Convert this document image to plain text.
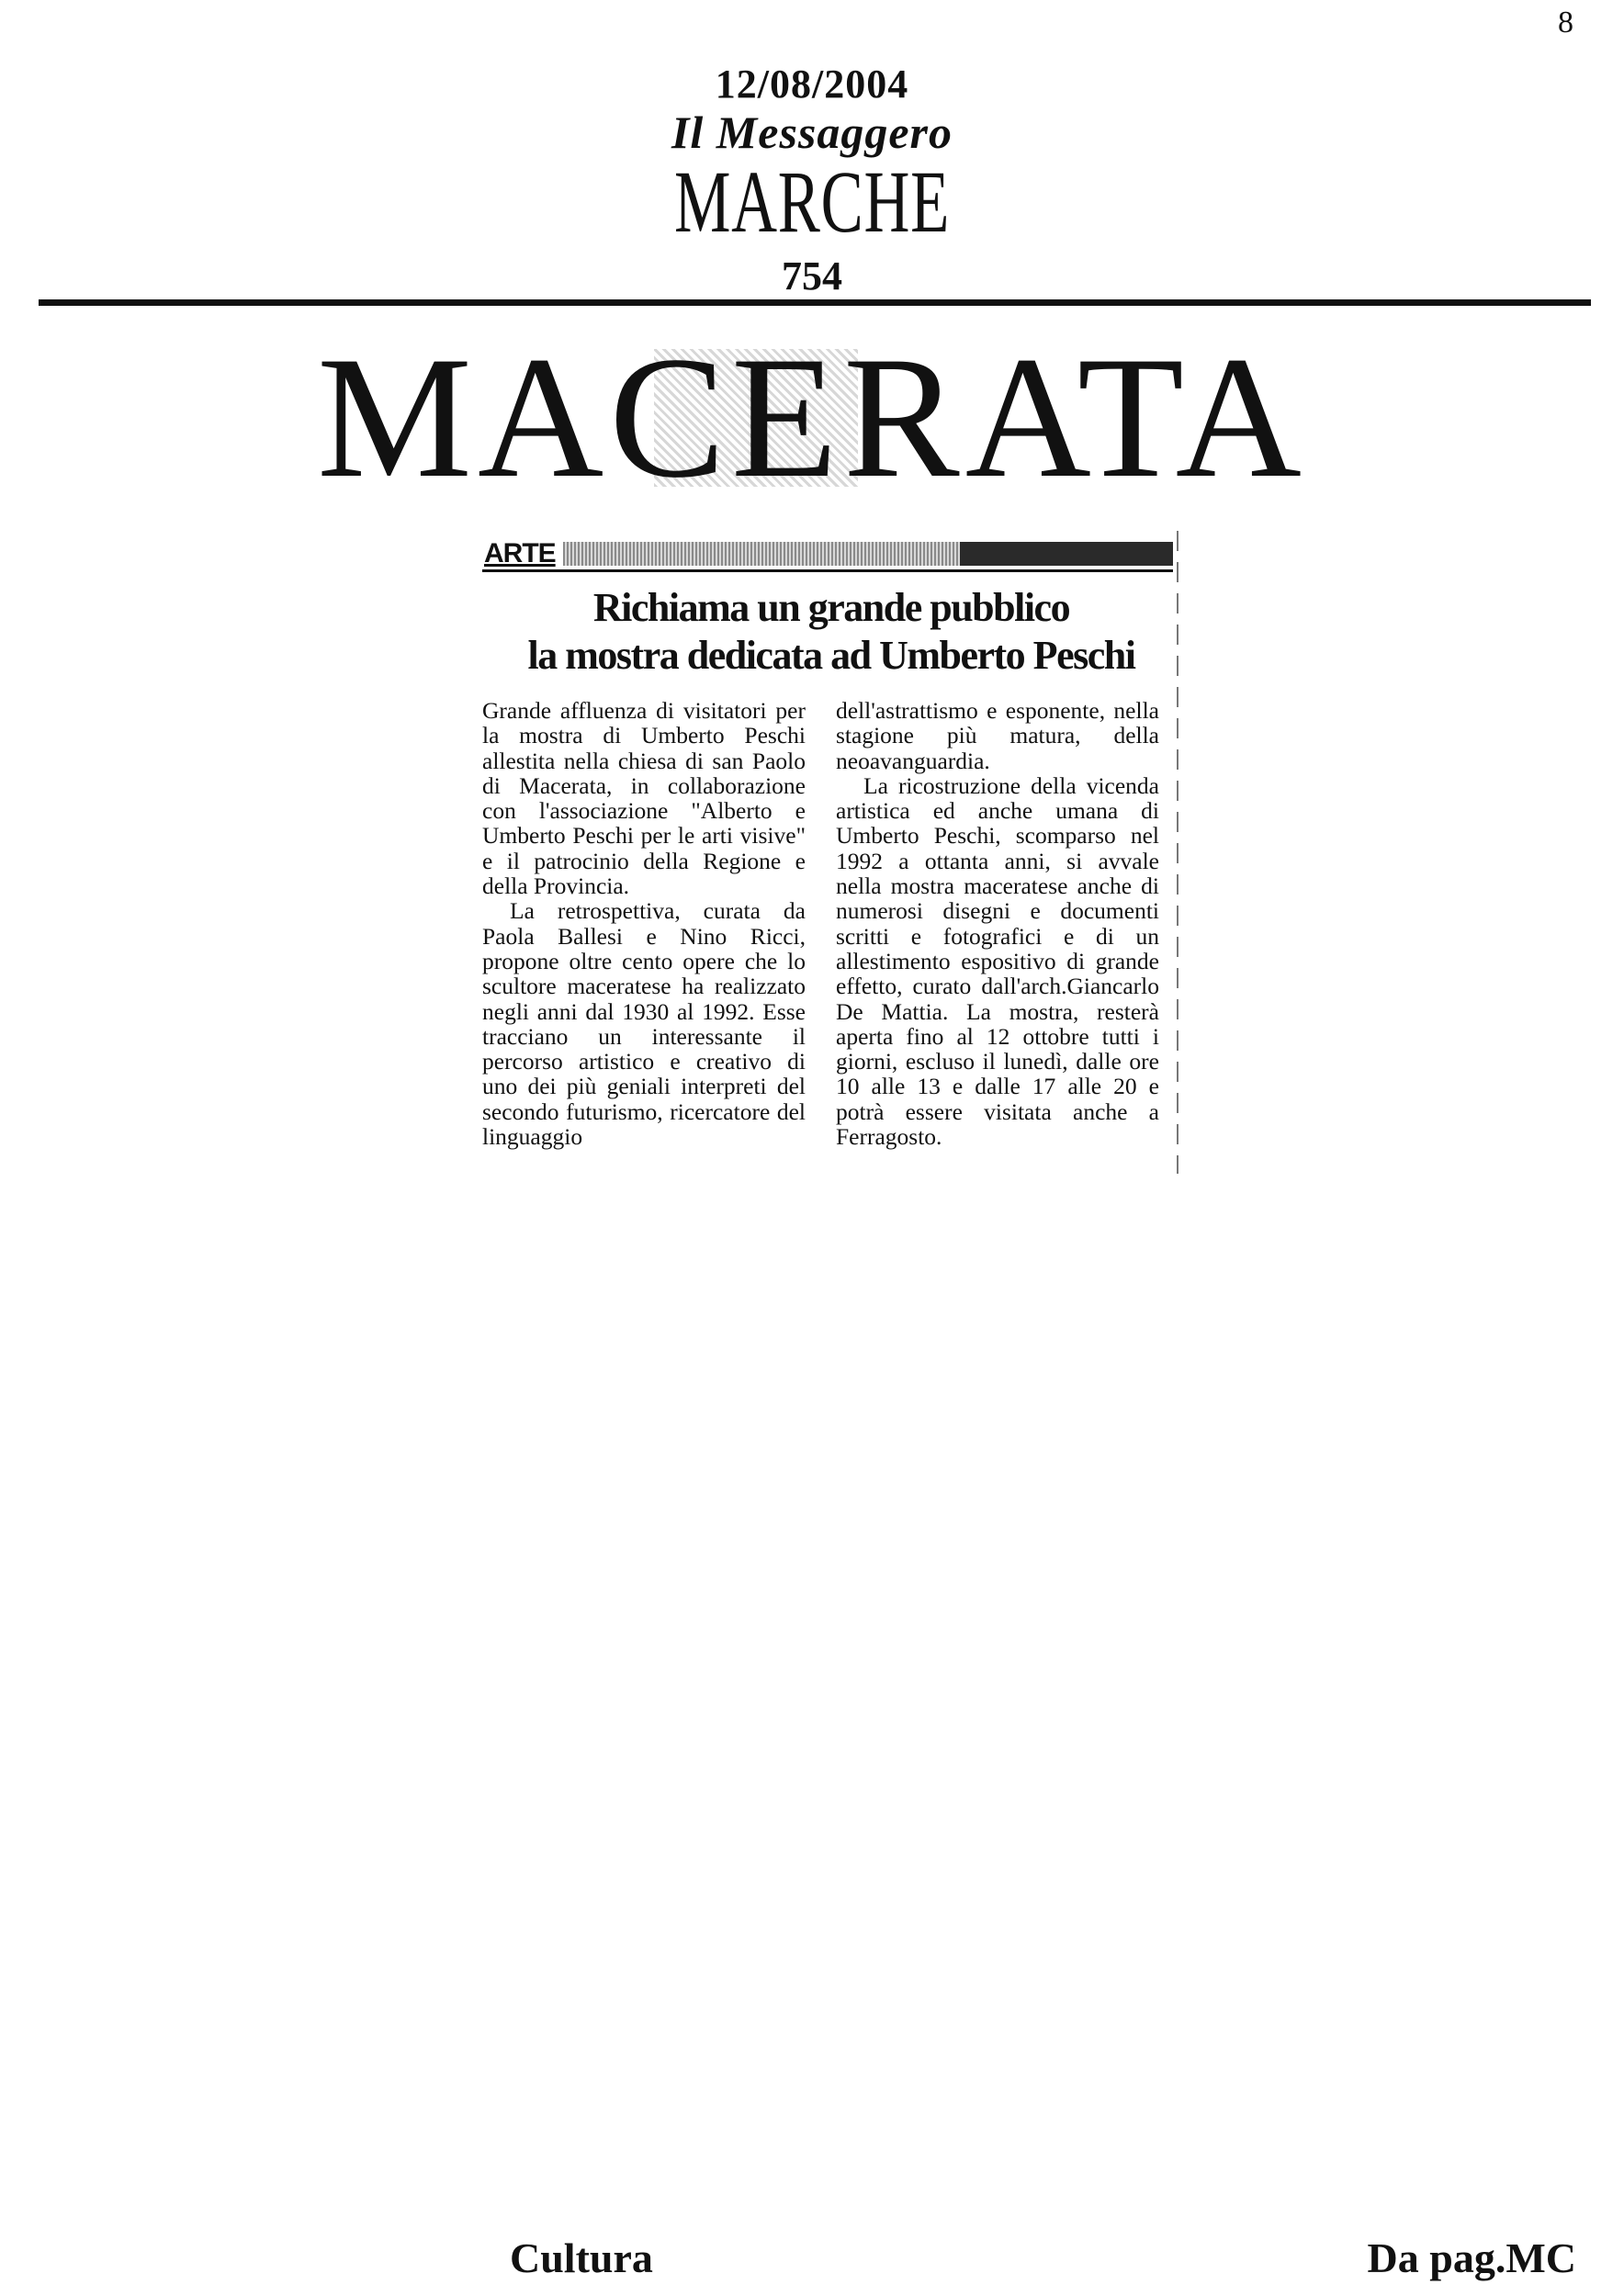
8
12/08/2004
Il Messaggero
MARCHE
754
MACERATA
ARTE
Richiama un grande pubblico
la mostra dedicata ad Umberto Peschi

Grande affluenza di visitatori per la mostra di Umberto Peschi allestita nella chiesa di san Paolo di Macerata, in collaborazione con l'associazione "Alberto e Umberto Peschi per le arti visive" e il patrocinio della Regione e della Provincia.

La retrospettiva, curata da Paola Ballesi e Nino Ricci, propone oltre cento opere che lo scultore maceratese ha realizzato negli anni dal 1930 al 1992. Esse tracciano un interessante il percorso artistico e creativo di uno dei più geniali interpreti del secondo futurismo, ricercatore del linguaggio

dell'astrattismo e esponente, nella stagione più matura, della neoavanguardia.

La ricostruzione della vicenda artistica ed anche umana di Umberto Peschi, scomparso nel 1992 a ottanta anni, si avvale nella mostra maceratese anche di numerosi disegni e documenti scritti e fotografici e di un allestimento espositivo di grande effetto, curato dall'arch.Giancarlo De Mattia. La mostra, resterà aperta fino al 12 ottobre tutti i giorni, escluso il lunedì, dalle ore 10 alle 13 e dalle 17 alle 20 e potrà essere visitata anche a Ferragosto.

Cultura	Da pag.MC
